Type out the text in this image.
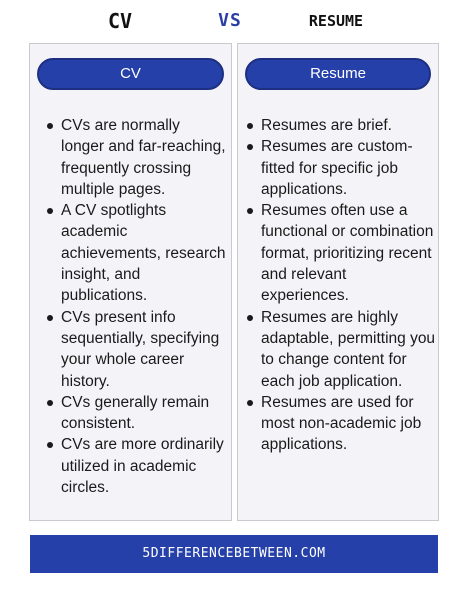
CV	VS	RESUME
CV
CVs are normally longer and far-reaching, frequently crossing multiple pages.
A CV spotlights academic achievements, research insight, and publications.
CVs present info sequentially, specifying your whole career history.
CVs generally remain consistent.
CVs are more ordinarily utilized in academic circles.
Resume
Resumes are brief.
Resumes are custom-fitted for specific job applications.
Resumes often use a functional or combination format, prioritizing recent and relevant experiences.
Resumes are highly adaptable, permitting you to change content for each job application.
Resumes are used for most non-academic job applications.
5DIFFERENCEBETWEEN.COM
